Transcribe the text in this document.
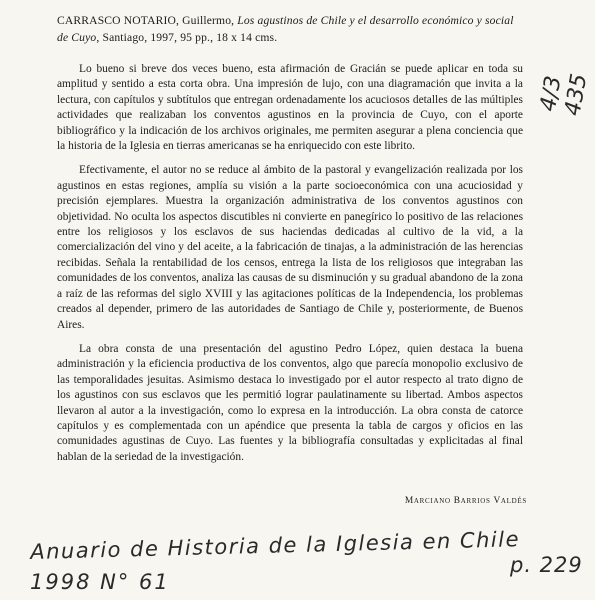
CARRASCO NOTARIO, Guillermo, Los agustinos de Chile y el desarrollo económico y social de Cuyo, Santiago, 1997, 95 pp., 18 x 14 cms.

Lo bueno si breve dos veces bueno, esta afirmación de Gracián se puede aplicar en toda su amplitud y sentido a esta corta obra. Una impresión de lujo, con una diagramación que invita a la lectura, con capítulos y subtítulos que entregan ordenadamente los acuciosos detalles de las múltiples actividades que realizaban los conventos agustinos en la provincia de Cuyo, con el aporte bibliográfico y la indicación de los archivos originales, me permiten asegurar a plena conciencia que la historia de la Iglesia en tierras americanas se ha enriquecido con este librito.

Efectivamente, el autor no se reduce al ámbito de la pastoral y evangelización realizada por los agustinos en estas regiones, amplía su visión a la parte socioeconómica con una acuciosidad y precisión ejemplares. Muestra la organización administrativa de los conventos agustinos con objetividad. No oculta los aspectos discutibles ni convierte en panegírico lo positivo de las relaciones entre los religiosos y los esclavos de sus haciendas dedicadas al cultivo de la vid, a la comercialización del vino y del aceite, a la fabricación de tinajas, a la administración de las herencias recibidas. Señala la rentabilidad de los censos, entrega la lista de los religiosos que integraban las comunidades de los conventos, analiza las causas de su disminución y su gradual abandono de la zona a raíz de las reformas del siglo XVIII y las agitaciones políticas de la Independencia, los problemas creados al depender, primero de las autoridades de Santiago de Chile y, posteriormente, de Buenos Aires.

La obra consta de una presentación del agustino Pedro López, quien destaca la buena administración y la eficiencia productiva de los conventos, algo que parecía monopolio exclusivo de las temporalidades jesuitas. Asimismo destaca lo investigado por el autor respecto al trato digno de los agustinos con sus esclavos que les permitió lograr paulatinamente su libertad. Ambos aspectos llevaron al autor a la investigación, como lo expresa en la introducción. La obra consta de catorce capítulos y es complementada con un apéndice que presenta la tabla de cargos y oficios en las comunidades agustinas de Cuyo. Las fuentes y la bibliografía consultadas y explicitadas al final hablan de la seriedad de la investigación.

Marciano Barrios Valdés
4/3 435
Anuario de Historia de la Iglesia en Chile
p. 229
1998 N° 61
